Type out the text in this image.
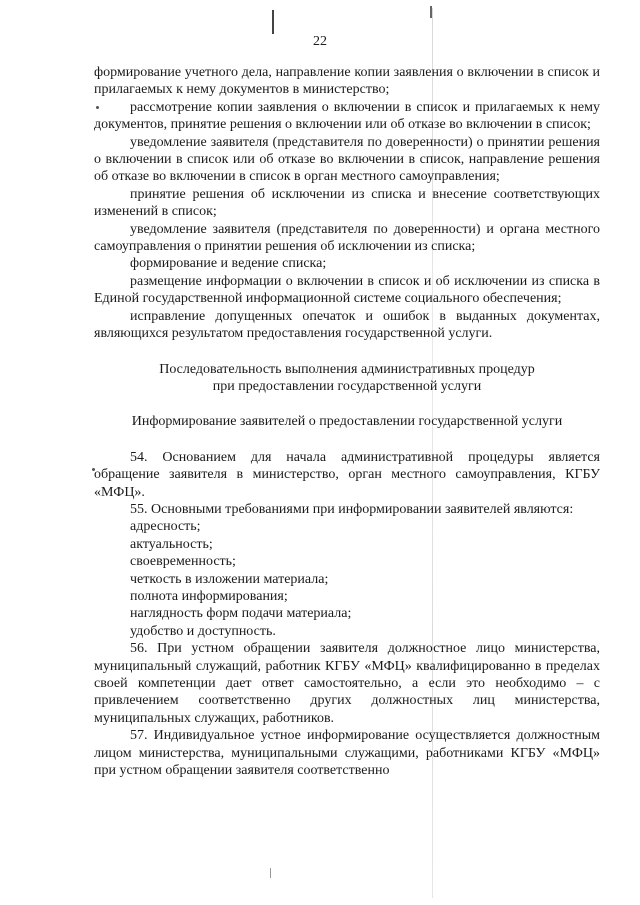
22

формирование учетного дела, направление копии заявления о включении в список и прилагаемых к нему документов в министерство;

рассмотрение копии заявления о включении в список и прилагаемых к нему документов, принятие решения о включении или об отказе во включении в список;

уведомление заявителя (представителя по доверенности) о принятии решения о включении в список или об отказе во включении в список, направление решения об отказе во включении в список в орган местного самоуправления;

принятие решения об исключении из списка и внесение соответствующих изменений в список;

уведомление заявителя (представителя по доверенности) и органа местного самоуправления о принятии решения об исключении из списка;

формирование и ведение списка;

размещение информации о включении в список и об исключении из списка в Единой государственной информационной системе социального обеспечения;

исправление допущенных опечаток и ошибок в выданных документах, являющихся результатом предоставления государственной услуги.

Последовательность выполнения административных процедур

при предоставлении государственной услуги

Информирование заявителей о предоставлении государственной услуги

54. Основанием для начала административной процедуры является обращение заявителя в министерство, орган местного самоуправления, КГБУ «МФЦ».

55. Основными требованиями при информировании заявителей являются:

адресность;

актуальность;

своевременность;

четкость в изложении материала;

полнота информирования;

наглядность форм подачи материала;

удобство и доступность.

56. При устном обращении заявителя должностное лицо министерства, муниципальный служащий, работник КГБУ «МФЦ» квалифицированно в пределах своей компетенции дает ответ самостоятельно, а если это необходимо – с привлечением соответственно других должностных лиц министерства, муниципальных служащих, работников.

57. Индивидуальное устное информирование осуществляется должностным лицом министерства, муниципальными служащими, работниками КГБУ «МФЦ» при устном обращении заявителя соответственно
